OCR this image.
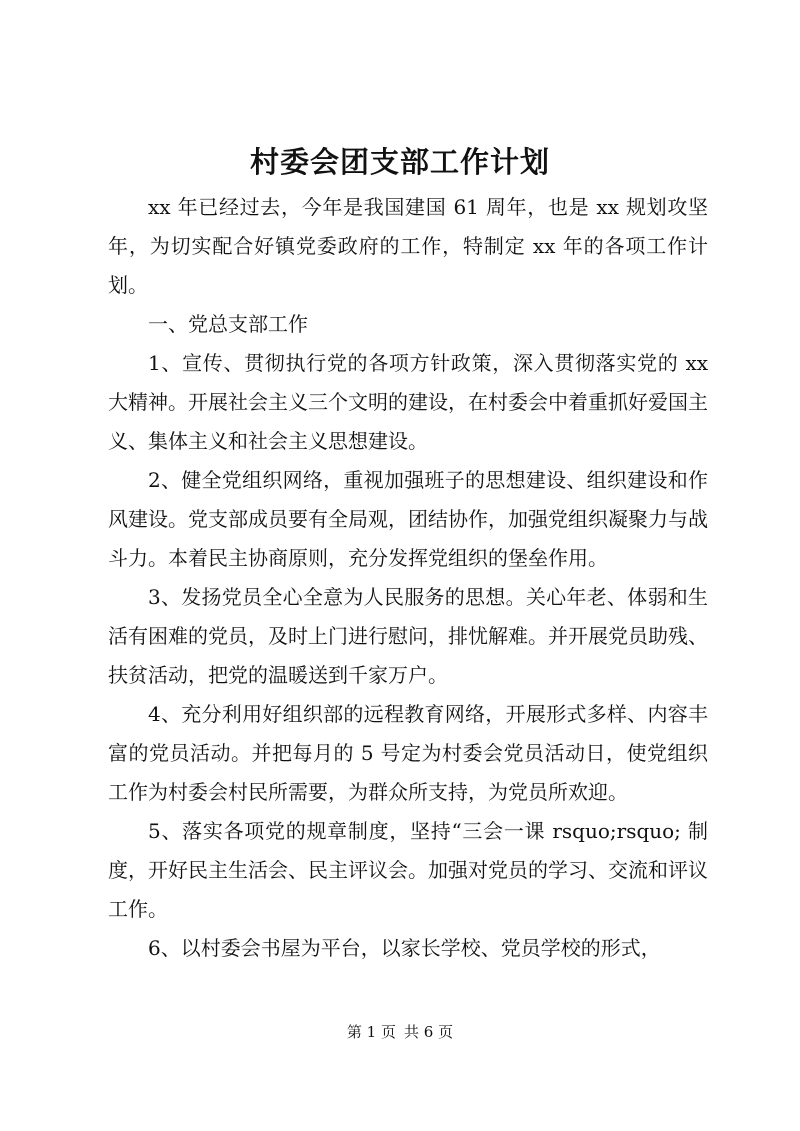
村委会团支部工作计划

xx 年已经过去，今年是我国建国 61 周年，也是 xx 规划攻坚年，为切实配合好镇党委政府的工作，特制定 xx 年的各项工作计划。

一、党总支部工作

1、宣传、贯彻执行党的各项方针政策，深入贯彻落实党的 xx 大精神。开展社会主义三个文明的建设，在村委会中着重抓好爱国主义、集体主义和社会主义思想建设。

2、健全党组织网络，重视加强班子的思想建设、组织建设和作风建设。党支部成员要有全局观，团结协作，加强党组织凝聚力与战斗力。本着民主协商原则，充分发挥党组织的堡垒作用。

3、发扬党员全心全意为人民服务的思想。关心年老、体弱和生活有困难的党员，及时上门进行慰问，排忧解难。并开展党员助残、扶贫活动，把党的温暖送到千家万户。

4、充分利用好组织部的远程教育网络，开展形式多样、内容丰富的党员活动。并把每月的 5 号定为村委会党员活动日，使党组织工作为村委会村民所需要，为群众所支持，为党员所欢迎。

5、落实各项党的规章制度，坚持“三会一课 rsquo;rsquo; 制度，开好民主生活会、民主评议会。加强对党员的学习、交流和评议工作。

6、以村委会书屋为平台，以家长学校、党员学校的形式，

第 1 页 共 6 页
